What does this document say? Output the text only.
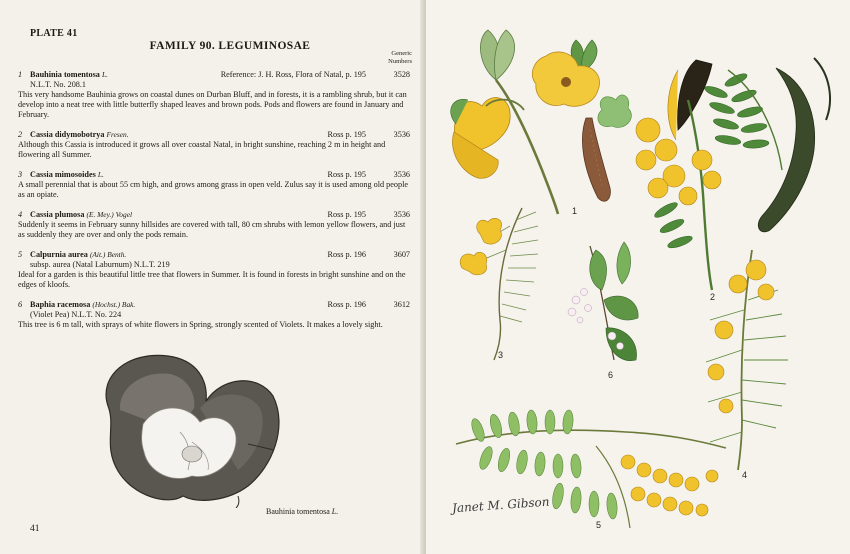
PLATE 41
FAMILY 90. LEGUMINOSAE
Generic
Numbers
1 Bauhinia tomentosa L.	Reference: J. H. Ross, Flora of Natal, p. 195	3528
N.L.T. No. 208.1

This very handsome Bauhinia grows on coastal dunes on Durban Bluff, and in forests, it is a rambling shrub, but it can develop into a neat tree with little butterfly shaped leaves and brown pods. Pods and flowers are found in January and February.

2 Cassia didymobotrya Fresen.	Ross p. 195	3536

Although this Cassia is introduced it grows all over coastal Natal, in bright sunshine, reaching 2 m in height and flowering all Summer.

3 Cassia mimosoides L.	Ross p. 195	3536

A small perennial that is about 55 cm high, and grows among grass in open veld. Zulus say it is used among old people as an opiate.

4 Cassia plumosa (E. Mey.) Vogel	Ross p. 195	3536

Suddenly it seems in February sunny hillsides are covered with tall, 80 cm shrubs with lemon yellow flowers, and just as suddenly they are over and only the pods remain.

5 Calpurnia aurea (Ait.) Benth.	Ross p. 196	3607
subsp. aurea (Natal Laburnum) N.L.T. 219

Ideal for a garden is this beautiful little tree that flowers in Summer. It is found in forests in bright sunshine and on the edges of kloofs.

6 Baphia racemosa (Hochst.) Bak.	Ross p. 196	3612
(Violet Pea) N.L.T. No. 224

This tree is 6 m tall, with sprays of white flowers in Spring, strongly scented of Violets. It makes a lovely sight.

Bauhinia tomentosa L.
41
1
2
3
4
5
6
Janet M. Gibson
